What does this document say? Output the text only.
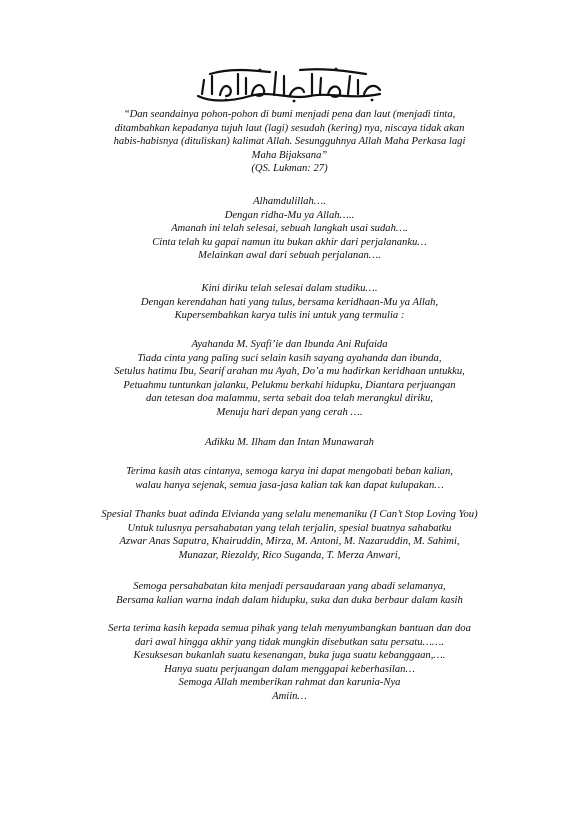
“Dan seandainya pohon-pohon di bumi menjadi pena dan laut (menjadi tinta,
ditambahkan kepadanya tujuh laut (lagi) sesudah (kering) nya, niscaya tidak akan
habis-habisnya (dituliskan) kalimat Allah. Sesungguhnya Allah Maha Perkasa lagi
Maha Bijaksana”
(QS. Lukman: 27)
Alhamdulillah….
Dengan ridha-Mu ya Allah…..
Amanah ini telah selesai, sebuah langkah usai sudah….
Cinta telah ku gapai namun itu bukan akhir dari perjalananku…
Melainkan awal dari sebuah perjalanan….
Kini diriku telah selesai dalam studiku….
Dengan kerendahan hati yang tulus, bersama keridhaan-Mu ya Allah,
Kupersembahkan karya tulis ini untuk yang termulia :
Ayahanda M. Syafi’ie dan Ibunda Ani Rufaida
Tiada cinta yang paling suci selain kasih sayang ayahanda dan ibunda,
Setulus hatimu Ibu, Searif arahan mu Ayah, Do’a mu hadirkan keridhaan untukku,
Petuahmu tuntunkan jalanku, Pelukmu berkahi hidupku, Diantara perjuangan
dan tetesan doa malammu, serta sebait doa telah merangkul diriku,
Menuju hari depan yang cerah ….
Adikku M. Ilham dan Intan Munawarah
Terima kasih atas cintanya, semoga karya ini dapat mengobati beban kalian,
walau hanya sejenak, semua jasa-jasa kalian tak kan dapat kulupakan…
Spesial Thanks buat adinda Elvianda yang selalu menemaniku (I Can’t Stop Loving You)
Untuk tulusnya persahabatan yang telah terjalin, spesial buatnya sahabatku
Azwar Anas Saputra, Khairuddin, Mirza, M. Antoni, M. Nazaruddin, M. Sahimi,
Munazar, Riezaldy, Rico Suganda, T. Merza Anwari,
Semoga persahabatan kita menjadi persaudaraan yang abadi selamanya,
Bersama kalian warna indah dalam hidupku, suka dan duka berbaur dalam kasih
Serta terima kasih kepada semua pihak yang telah menyumbangkan bantuan dan doa
dari awal hingga akhir yang tidak mungkin disebutkan satu persatu…….
Kesuksesan bukanlah suatu kesenangan, buka juga suatu kebanggaan,….
Hanya suatu perjuangan dalam menggapai keberhasilan…
Semoga Allah memberikan rahmat dan karunia-Nya
Amiin…
